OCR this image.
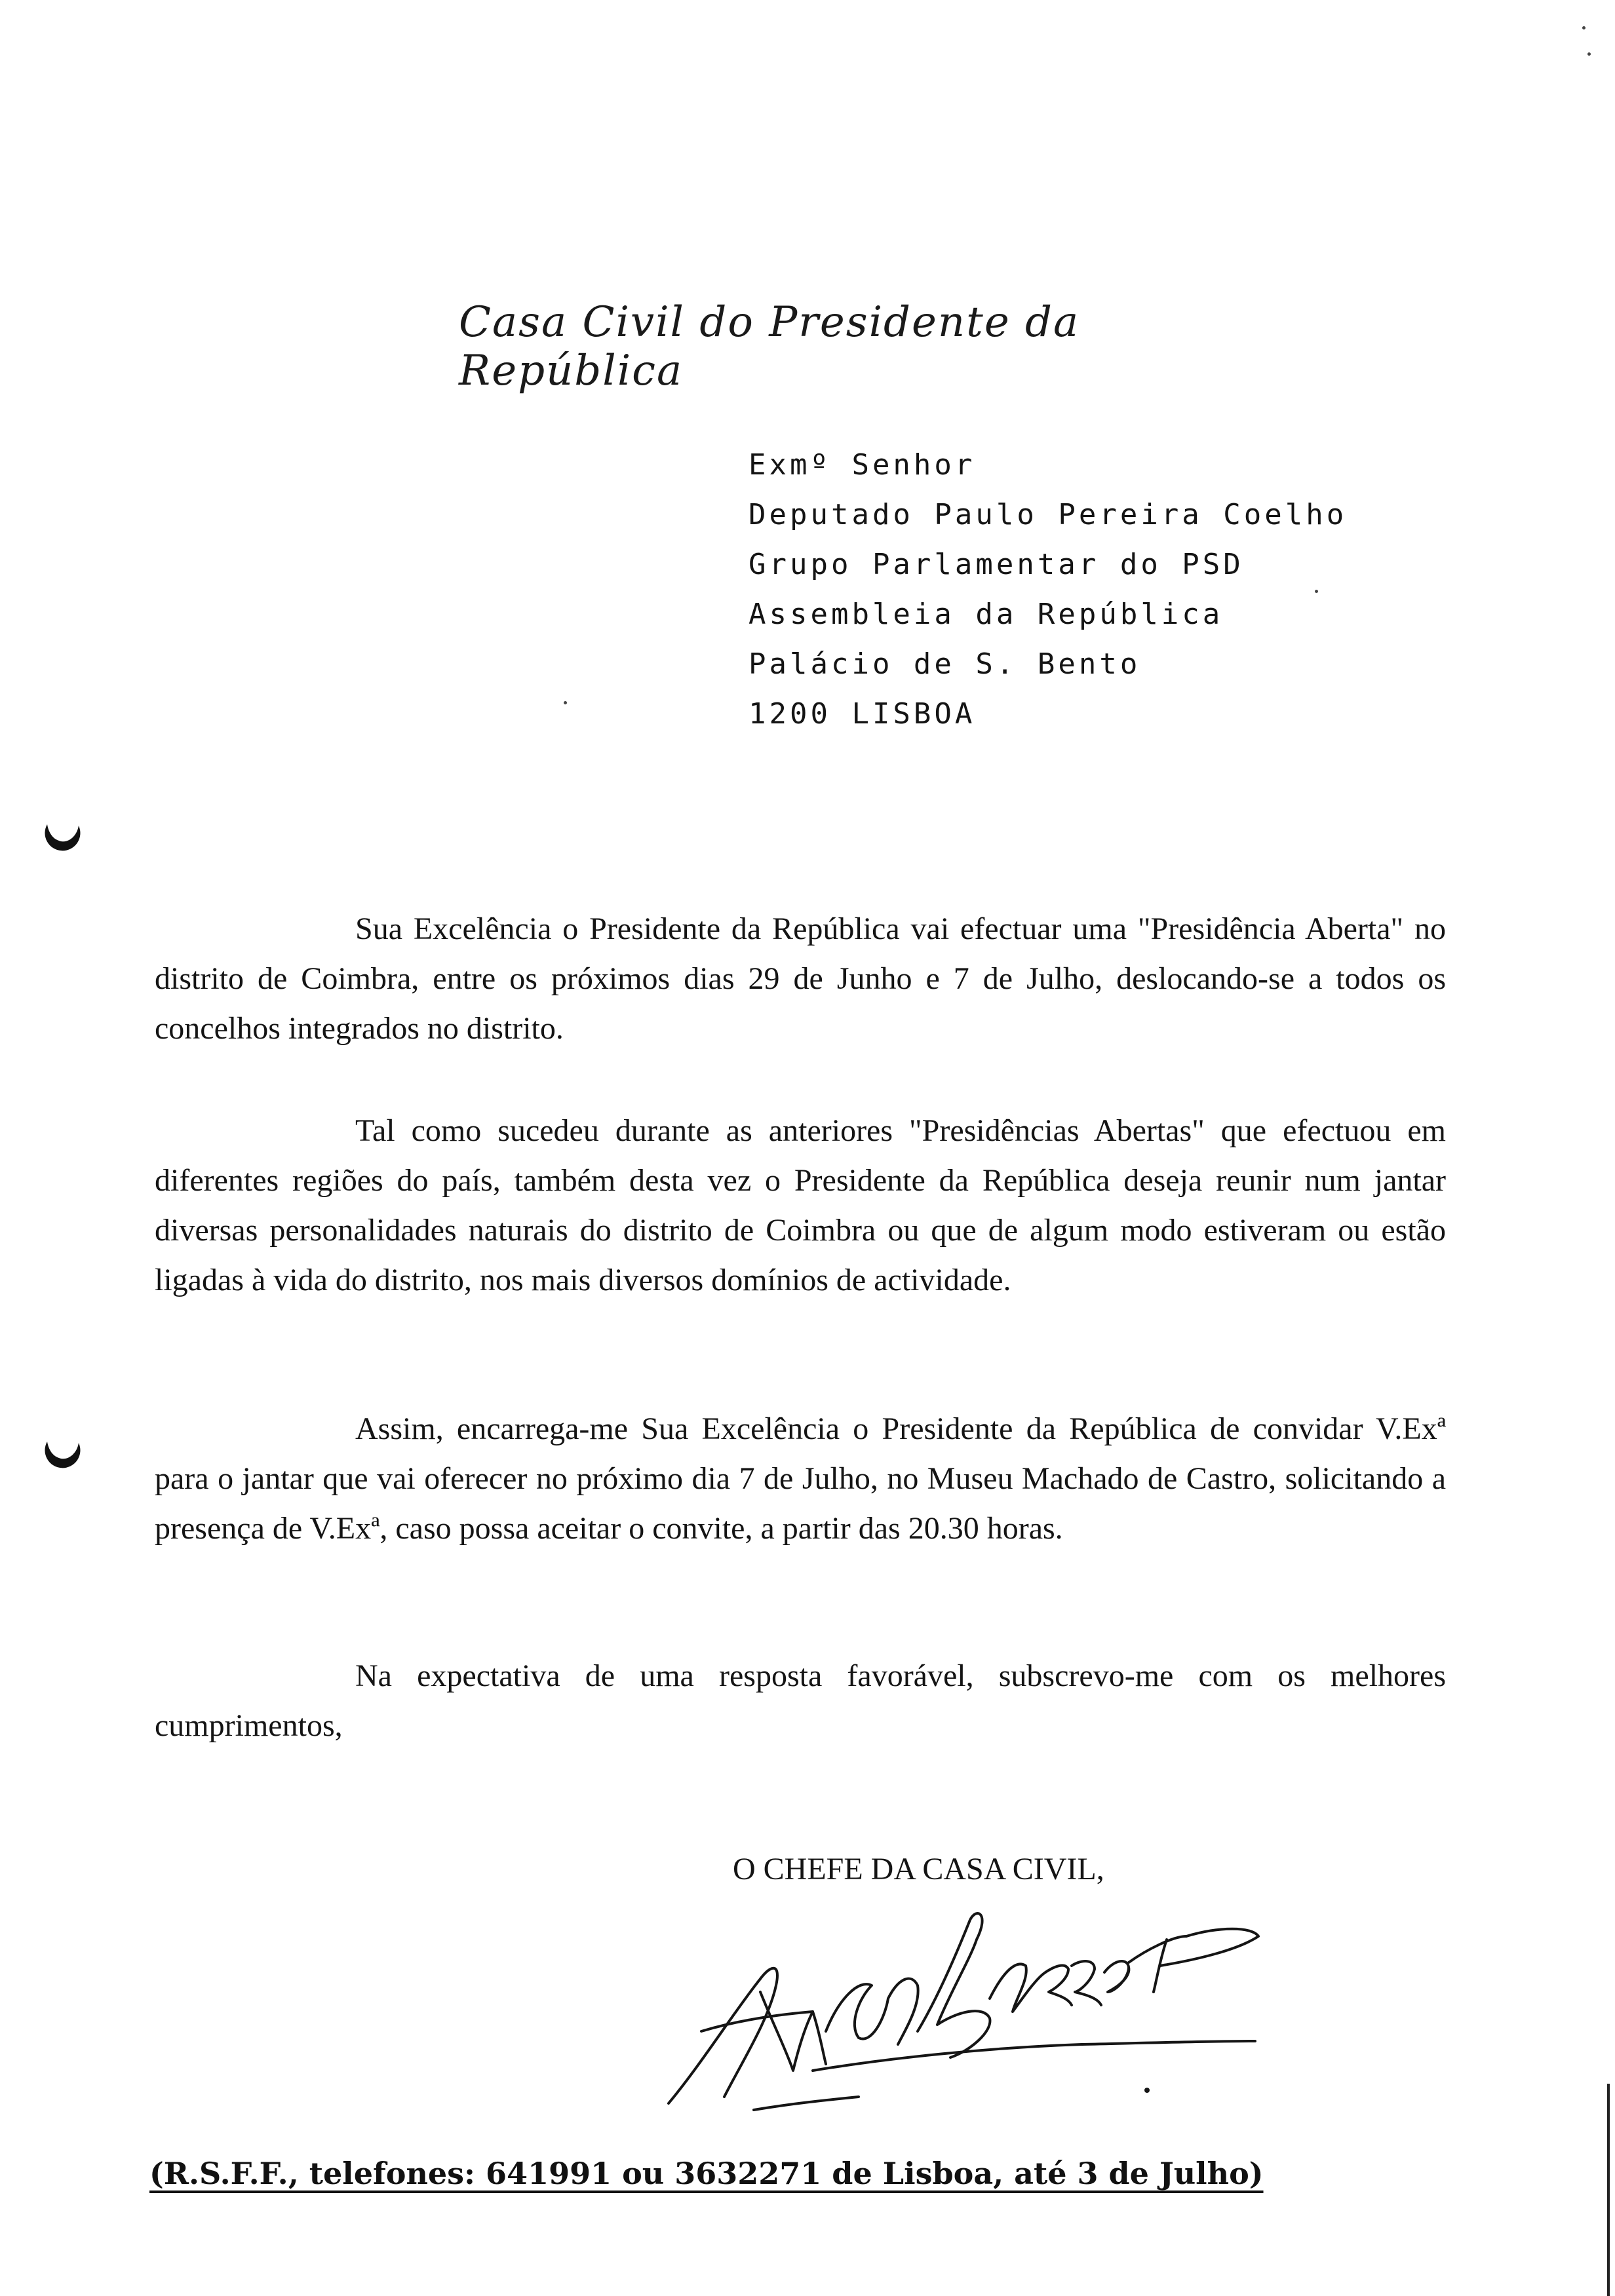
Casa Civil do Presidente da República
Exmº Senhor
Deputado Paulo Pereira Coelho
Grupo Parlamentar do PSD
Assembleia da República
Palácio de S. Bento
1200 LISBOA

Sua Excelência o Presidente da República vai efectuar uma "Presidência Aberta" no distrito de Coimbra, entre os próximos dias 29 de Junho e 7 de Julho, deslocando-se a todos os concelhos integrados no distrito.

Tal como sucedeu durante as anteriores "Presidências Abertas" que efectuou em diferentes regiões do país, também desta vez o Presidente da República deseja reunir num jantar diversas personalidades naturais do distrito de Coimbra ou que de algum modo estiveram ou estão ligadas à vida do distrito, nos mais diversos domínios de actividade.

Assim, encarrega-me Sua Excelência o Presidente da República de convidar V.Exª para o jantar que vai oferecer no próximo dia 7 de Julho, no Museu Machado de Castro, solicitando a presença de V.Exª, caso possa aceitar o convite, a partir das 20.30 horas.

Na expectativa de uma resposta favorável, subscrevo-me com os melhores cumprimentos,

O CHEFE DA CASA CIVIL,
(R.S.F.F., telefones: 641991 ou 3632271 de Lisboa, até 3 de Julho)
